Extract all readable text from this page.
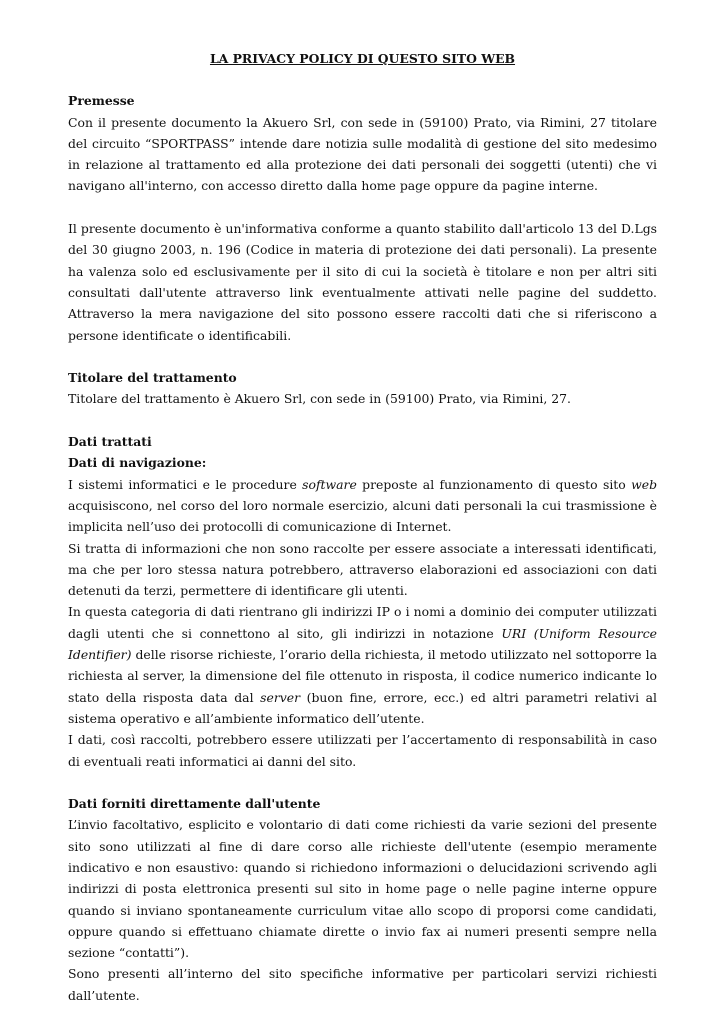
LA PRIVACY POLICY DI QUESTO SITO WEB
Premesse

Con il presente documento la Akuero Srl, con sede in (59100) Prato, via Rimini, 27 titolare del circuito “SPORTPASS” intende dare notizia sulle modalità di gestione del sito medesimo in relazione al trattamento ed alla protezione dei dati personali dei soggetti (utenti) che vi navigano all'interno, con accesso diretto dalla home page oppure da pagine interne.

Il presente documento è un'informativa conforme a quanto stabilito dall'articolo 13 del D.Lgs del 30 giugno 2003, n. 196 (Codice in materia di protezione dei dati personali). La presente ha valenza solo ed esclusivamente per il sito di cui la società è titolare e non per altri siti consultati dall'utente attraverso link eventualmente attivati nelle pagine del suddetto. Attraverso la mera navigazione del sito possono essere raccolti dati che si riferiscono a persone identificate o identificabili.

Titolare del trattamento

Titolare del trattamento è Akuero Srl, con sede in (59100) Prato, via Rimini, 27.

Dati trattati
Dati di navigazione:

I sistemi informatici e le procedure software preposte al funzionamento di questo sito web acquisiscono, nel corso del loro normale esercizio, alcuni dati personali la cui trasmissione è implicita nell’uso dei protocolli di comunicazione di Internet.

Si tratta di informazioni che non sono raccolte per essere associate a interessati identificati, ma che per loro stessa natura potrebbero, attraverso elaborazioni ed associazioni con dati detenuti da terzi, permettere di identificare gli utenti.

In questa categoria di dati rientrano gli indirizzi IP o i nomi a dominio dei computer utilizzati dagli utenti che si connettono al sito, gli indirizzi in notazione URI (Uniform Resource Identifier) delle risorse richieste, l’orario della richiesta, il metodo utilizzato nel sottoporre la richiesta al server, la dimensione del file ottenuto in risposta, il codice numerico indicante lo stato della risposta data dal server (buon fine, errore, ecc.) ed altri parametri relativi al sistema operativo e all’ambiente informatico dell’utente.

I dati, così raccolti, potrebbero essere utilizzati per l’accertamento di responsabilità in caso di eventuali reati informatici ai danni del sito.

Dati forniti direttamente dall'utente

L’invio facoltativo, esplicito e volontario di dati come richiesti da varie sezioni del presente sito sono utilizzati al fine di dare corso alle richieste dell'utente (esempio meramente indicativo e non esaustivo: quando si richiedono informazioni o delucidazioni scrivendo agli indirizzi di posta elettronica presenti sul sito in home page o nelle pagine interne oppure quando si inviano spontaneamente curriculum vitae allo scopo di proporsi come candidati, oppure quando si effettuano chiamate dirette o invio fax ai numeri presenti sempre nella sezione “contatti”).

Sono presenti all’interno del sito specifiche informative per particolari servizi richiesti dall’utente.
